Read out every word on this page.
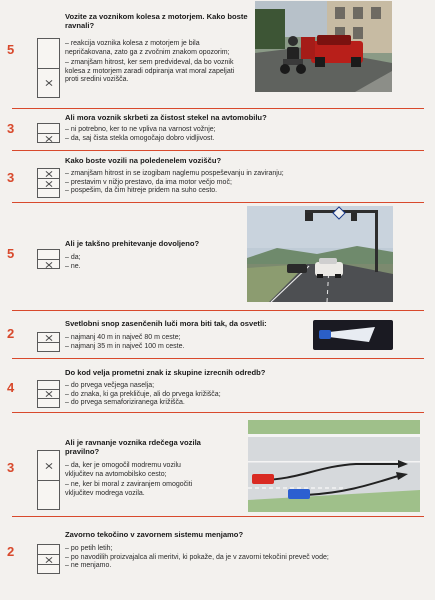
5
Vozite za voznikom kolesa z motorjem. Kako boste ravnali?
– reakcija voznika kolesa z motorjem je bila nepričakovana, zato ga z zvočnim znakom opozorim;
– zmanjšam hitrost, ker sem predvideval, da bo voznik kolesa z motorjem zaradi odpiranja vrat moral zapeljati proti sredini vozišča.
3
Ali mora voznik skrbeti za čistost stekel na avtomobilu?
– ni potrebno, ker to ne vpliva na varnost vožnje;
– da, saj čista stekla omogočajo dobro vidljivost.
3
Kako boste vozili na poledenelem vozišču?
– zmanjšam hitrost in se izogibam naglemu pospeševanju in zaviranju;
– prestavim v nižjo prestavo, da ima motor večjo moč;
– pospešim, da čim hitreje pridem na suho cesto.
5
Ali je takšno prehitevanje dovoljeno?
– da;
– ne.
2
Svetlobni snop zasenčenih luči mora biti tak, da osvetli:
– najmanj 40 m in največ 80 m ceste;
– najmanj 35 m in največ 100 m ceste.
4
Do kod velja prometni znak iz skupine izrecnih odredb?
– do prvega večjega naselja;
– do znaka, ki ga prekličuje, ali do prvega križišča;
– do prvega semaforiziranega križišča.
3
Ali je ravnanje voznika rdečega vozila pravilno?
– da, ker je omogočil modremu vozilu vključitev na avtomobilsko cesto;
– ne, ker bi moral z zaviranjem omogočiti vključitev modrega vozila.
2
Zavorno tekočino v zavornem sistemu menjamo?
– po petih letih;
– po navodilih proizvajalca ali meritvi, ki pokaže, da je v zavorni tekočini preveč vode;
– ne menjamo.
